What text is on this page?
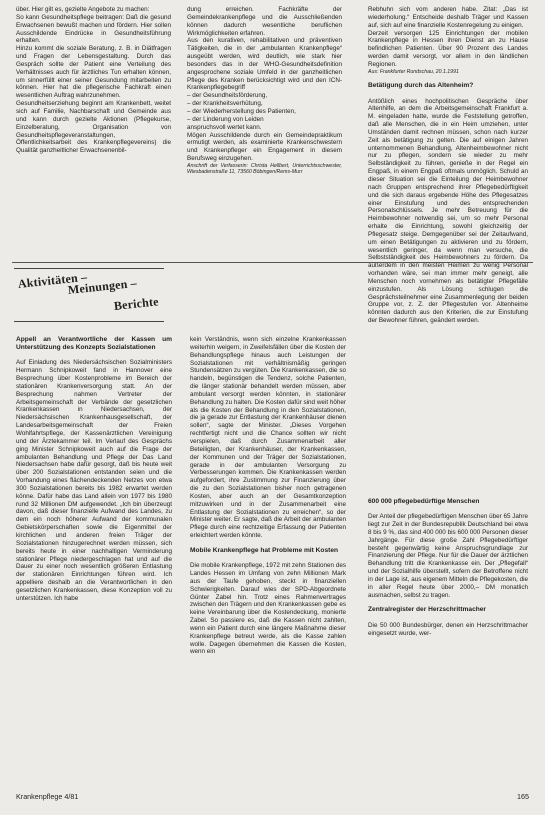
über. Hier gilt es, gezielte Angebote zu machen:

So kann Gesundheitspflege beitragen: Daß die gesund Erwachsenen bewußt machen und fördern. Hier sollen Ausschildende Eindrücke in Gesundheitsführung erhalten.

Hinzu kommt die soziale Beratung, z. B. in Diätfragen und Fragen der Lebensgestaltung. Durch das Gespräch sollte der Patient eine Verteilung des Verhältnisses auch für ärztliches Tun erhalten können, um sinnerfüllt einer seiner Gesundung mitarbeiten zu können. Hier hat die pflegerische Fachkraft einen wesentlichen Auftrag wahrzunehmen.

Gesundheitserziehung beginnt am Krankenbett, weitet sich auf Familie, Nachbarschaft und Gemeinde aus und kann durch gezielte Aktionen (Pflegekurse, Einzelberatung, Organisation von Gesundheitspflegeveranstaltungen, Öffentlichkeitsarbeit des Krankenpflegevereins) die Qualität ganzheitlicher Erwachsenenbil-

dung erreichen. Fachkräfte der Gemeindekrankenpflege und die Ausschließenden können dadurch wesentliche beruflichen Wirkmöglichkeiten erfahren.

Aus den kurativen, rehabilitativen und präventiven Tätigkeiten, die in der „ambulanten Krankenpflege“ ausgeübt werden, wird deutlich, wie stark hier besonders das in der WHO-Gesundheitsdefinition angesprochene soziale Umfeld in der ganzheitlichen Pflege des Kranken berücksichtigt wird und den ICN-Krankenpflegebegriff

– der Gesundheitsförderung,

– der Krankheitsverhütung,

– der Wiederherstellung des Patienten,

– der Linderung von Leiden

anspruchsvoll wertet kann.

Mögen Ausschildende durch ein Gemeindepraktikum ermutigt werden, als examinierte Krankenschwestern und Krankenpfleger ein Engagement in diesem Berufsweg einzugehen.

Anschrift der Verfasserin: Christa Hellbert, Unterrichtsschwester, Wiesbadenstraße 11, 73560 Böbingen/Rems-Murr

Rebhuhn sich vom anderen habe. Zitat: „Das ist wiederholung.“ Entscheide deshalb Träger und Kassen auf, sich auf eine finanzielle Kostenregelung zu einigen.

Derzeit versorgen 125 Einrichtungen der mobilen Krankenpflege in Hessen ihren Dienst an zu Hause befindlichen Patienten. Über 90 Prozent des Landes werden damit versorgt, vor allem in den ländlichen Regionen.

Aus: Frankfurter Rundschau, 20.1.1991

Betätigung durch das Altenheim?

Antößlich eines hochpolitischen Gespräche über Altenhilfe, an dem die Arbeitsgemeinschaft Frankfurt a. M. eingeladen hatte, wurde die Feststellung getroffen, daß alle Menschen, die in ein Heim umziehen, unter Umständen damit rechnen müssen, schon nach kurzer Zeit als betätigung zu gelten. Die auf einigen Jahren unternommenen Behandlung, Altenheimbewohner nicht nur zu pflegen, sondern sie wieder zu mehr Selbständigkeit zu führen, genieße in der Regel ein Engpaß, in einem Engpaß oftmals unmöglich. Schuld an dieser Situation sei die Einteilung der Heimbewohner nach Gruppen entsprechend ihrer Pflegebedürftigkeit und die sich daraus ergebende Höhe des Pflegesatzes einer Einstufung und des entsprechenden Personalschlüssels. Je mehr Betreuung für die Heimbewohner notwendig sei, um so mehr Personal erhalte die Einrichtung, sowohl gleichzeitig der Pflegesatz steige. Demgegenüber sei der Zeitaufwand, um einen Betätigungen zu aktivieren und zu fördern, wesentlich geringer, da wenn man versuche, die Selbstständigkeit des Heimbewohners zu fördern. Da außerdem in den meisten Heimen zu wenig Personal vorhanden wäre, sei man immer mehr geneigt, alle Menschen noch vornehmen als betätigter Pflegefälle einzustufen. Als Lösung schlugen die Gesprächsteilnehmer eine Zusammenlegung der beiden Gruppe vor, z. Z. der Pflegestufen vor. Altenheime könnten dadurch aus den Kriterien, die zur Einstufung der Bewohner führen, geändert werden.

Aktivitäten –
Meinungen –
Berichte

Appell an Verantwortliche der Kassen um Unterstützung des Konzepts Sozialstationen

Auf Einladung des Niedersächsischen Sozialministers Hermann Schnipkoweit fand in Hannover eine Besprechung über Kostenprobleme im Bereich der stationären Krankenversorgung statt. An der Besprechung nahmen Vertreter der Arbeitsgemeinschaft der Verbände der gesetzlichen Krankenkassen in Niedersachsen, der Niedersächsischen Krankenhausgesellschaft, der Landesarbeitsgemeinschaft der Freien Wohlfahrtspflege, der Kassenärztlichen Vereinigung und der Ärztekammer teil. Im Verlauf des Gesprächs ging Minister Schnipkoweit auch auf die Frage der ambulanten Behandlung und Pflege der Das Land Niedersachsen habe dafür gesorgt, daß bis heute weit über 200 Sozialstationen entstanden seien und die Vorhandung eines flächendeckenden Netzes von etwa 300 Sozialstationen bereits bis 1982 erwartet werden könne. Dafür habe das Land allein von 1977 bis 1980 rund 32 Millionen DM aufgewendet. „Ich bin überzeugt davon, daß dieser finanzielle Aufwand des Landes, zu dem ein noch höherer Aufwand der kommunalen Gebietskörperschaften sowie die Eigenmittel der kirchlichen und anderen freien Träger der Sozialstationen hinzugerechnet werden müssen, sich bereits heute in einer nachhaltigen Verminderung stationärer Pflege niedergeschlagen hat und auf die Dauer zu einer noch wesentlich größeren Entlastung der stationären Einrichtungen führen wird. Ich appelliere deshalb an die Verantwortlichen in den gesetzlichen Krankenkassen, diese Konzeption voll zu unterstützen. Ich habe

kein Verständnis, wenn sich einzelne Krankenkassen weiterhin weigern, in Zweifelsfällen über die Kosten der Behandlungspflege hinaus auch Leistungen der Sozialstationen mit verhältnismäßig geringen Stundensätzen zu vergüten. Die Krankenkassen, die so handeln, begünstigen die Tendenz, solche Patienten, die länger stationär behandelt werden müssen, aber ambulant versorgt werden könnten, in stationärer Behandlung zu halten. Die Kosten dafür sind weit höher als die Kosten der Behandlung in den Sozialstationen, die ja gerade zur Entlastung der Krankenhäuser dienen sollen“, sagte der Minister. „Dieses Vorgehen rechtfertigt nicht und die Chance sollten wir nicht verspielen, daß durch Zusammenarbeit aller Beteiligten, der Krankenhäuser, der Krankenkassen, der Kommunen und der Träger der Sozialstationen, gerade in der ambulanten Versorgung zu Verbesserungen kommen. Die Krankenkassen werden aufgefordert, ihre Zustimmung zur Finanzierung über die zu den Sozialstationen bisher noch getragenen Kosten, aber auch an der Gesamtkonzeption mitzuwirken und in der Zusammenarbeit eine Entlastung der Sozialstationen zu erreichen“, so der Minister weiter. Er sagte, daß die Arbeit der ambulanten Pflege durch eine rechtzeitige Erfassung der Patienten erleichtert werden könnte.

Mobile Krankenpflege hat Probleme mit Kosten

Die mobile Krankenpflege, 1972 mit zehn Stationen des Landes Hessen im Umfang von zehn Millionen Mark aus der Taufe gehoben, steckt in finanziellen Schwierigkeiten. Darauf wies der SPD-Abgeordnete Günter Zabel hin. Trotz eines Rahmenvertrages zwischen den Trägern und den Krankenkassen gebe es keine Vereinbarung über die Kostendeckung, monierte Zabel. So passiere es, daß die Kassen nicht zahlten, wenn ein Patient durch eine längere Maßnahme dieser Krankenpflege betreut werde, als die Kasse zahlen wolle. Dagegen übernehmen die Kassen die Kosten, wenn ein

600 000 pflegebedürftige Menschen

Der Anteil der pflegebedürftigen Menschen über 65 Jahre liegt zur Zeit in der Bundesrepublik Deutschland bei etwa 8 bis 9 %, das sind 400 000 bis 600 000 Personen dieser Jahrgänge. Für diese große Zahl Pflegebedürftiger besteht gegenwärtig keine Anspruchsgrundlage zur Finanzierung der Pflege. Nur für die Dauer der ärztlichen Behandlung tritt die Krankenkasse ein. Der „Pflegefall“ und der Sozialhilfe überstellt, sofern der Betroffene nicht in der Lage ist, aus eigenem Mitteln die Pflegekosten, die in aller Regel heute über 2000,– DM monatlich ausmachen, selbst zu tragen.

Zentralregister der Herzschrittmacher

Die 50 000 Bundesbürger, denen ein Herzschrittmacher eingesetzt wurde, wer-

Krankenpflege 4/81	165
